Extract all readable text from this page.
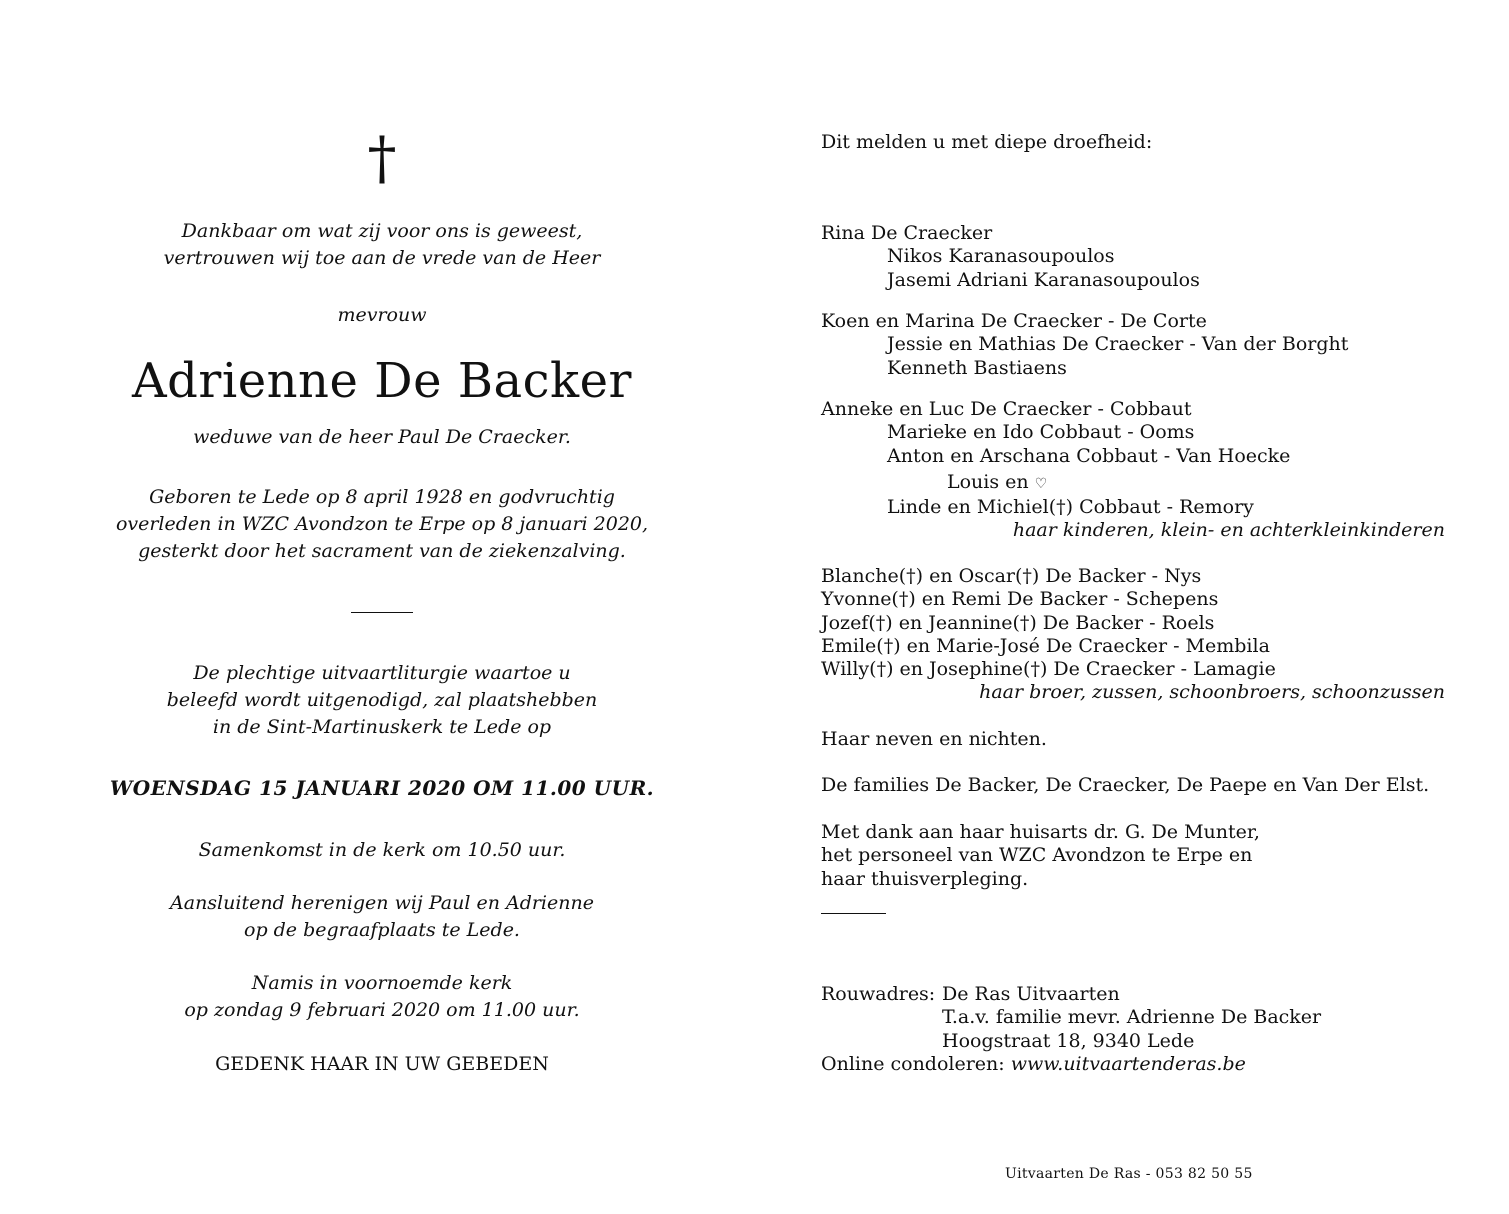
†
Dankbaar om wat zij voor ons is geweest,
vertrouwen wij toe aan de vrede van de Heer
mevrouw
Adrienne De Backer
weduwe van de heer Paul De Craecker.
Geboren te Lede op 8 april 1928 en godvruchtig
overleden in WZC Avondzon te Erpe op 8 januari 2020,
gesterkt door het sacrament van de ziekenzalving.
De plechtige uitvaartliturgie waartoe u
beleefd wordt uitgenodigd, zal plaatshebben
in de Sint-Martinuskerk te Lede op
WOENSDAG 15 JANUARI 2020 OM 11.00 UUR.
Samenkomst in de kerk om 10.50 uur.
Aansluitend herenigen wij Paul en Adrienne
op de begraafplaats te Lede.
Namis in voornoemde kerk
op zondag 9 februari 2020 om 11.00 uur.
GEDENK HAAR IN UW GEBEDEN
Dit melden u met diepe droefheid:
Rina De Craecker
Nikos Karanasoupoulos
Jasemi Adriani Karanasoupoulos
Koen en Marina De Craecker - De Corte
Jessie en Mathias De Craecker - Van der Borght
Kenneth Bastiaens
Anneke en Luc De Craecker - Cobbaut
Marieke en Ido Cobbaut - Ooms
Anton en Arschana Cobbaut - Van Hoecke
Louis en ♡
Linde en Michiel(†) Cobbaut - Remory
haar kinderen, klein- en achterkleinkinderen
Blanche(†) en Oscar(†) De Backer - Nys
Yvonne(†) en Remi De Backer - Schepens
Jozef(†) en Jeannine(†) De Backer - Roels
Emile(†) en Marie-José De Craecker - Membila
Willy(†) en Josephine(†) De Craecker - Lamagie
haar broer, zussen, schoonbroers, schoonzussen
Haar neven en nichten.
De families De Backer, De Craecker, De Paepe en Van Der Elst.
Met dank aan haar huisarts dr. G. De Munter,
het personeel van WZC Avondzon te Erpe en
haar thuisverpleging.
Rouwadres: De Ras Uitvaarten
T.a.v. familie mevr. Adrienne De Backer
Hoogstraat 18, 9340 Lede
Online condoleren: www.uitvaartenderas.be
Uitvaarten De Ras - 053 82 50 55
